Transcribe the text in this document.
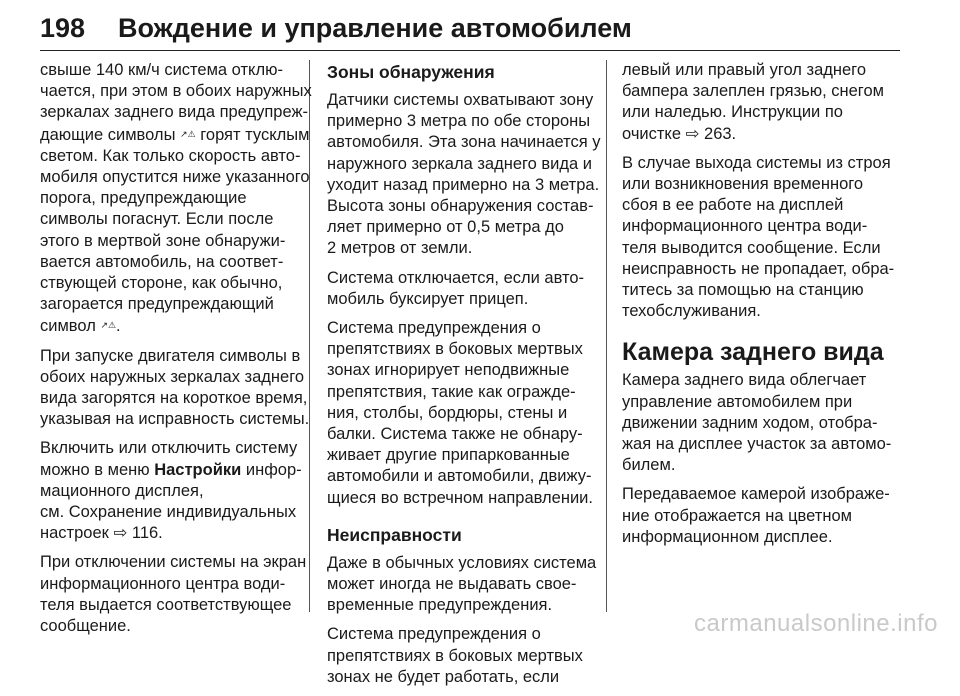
198 Вождение и управление автомобилем
свыше 140 км/ч система отклю-
чается, при этом в обоих наружных
зеркалах заднего вида предупреж-
дающие символы ↗⚠ горят тусклым
светом. Как только скорость авто-
мобиля опустится ниже указанного
порога, предупреждающие
символы погаснут. Если после
этого в мертвой зоне обнаружи-
вается автомобиль, на соответ-
ствующей стороне, как обычно,
загорается предупреждающий
символ ↗⚠.
При запуске двигателя символы в
обоих наружных зеркалах заднего
вида загорятся на короткое время,
указывая на исправность системы.
Включить или отключить систему
можно в меню Настройки инфор-
мационного дисплея,
см. Сохранение индивидуальных
настроек ⇨ 116.
При отключении системы на экран
информационного центра води-
теля выдается соответствующее
сообщение.
Зоны обнаружения
Датчики системы охватывают зону
примерно 3 метра по обе стороны
автомобиля. Эта зона начинается у
наружного зеркала заднего вида и
уходит назад примерно на 3 метра.
Высота зоны обнаружения состав-
ляет примерно от 0,5 метра до
2 метров от земли.
Система отключается, если авто-
мобиль буксирует прицеп.
Система предупреждения о
препятствиях в боковых мертвых
зонах игнорирует неподвижные
препятствия, такие как огражде-
ния, столбы, бордюры, стены и
балки. Система также не обнару-
живает другие припаркованные
автомобили и автомобили, движу-
щиеся во встречном направлении.
Неисправности
Даже в обычных условиях система
может иногда не выдавать свое-
временные предупреждения.
Система предупреждения о
препятствиях в боковых мертвых
зонах не будет работать, если
левый или правый угол заднего
бампера залеплен грязью, снегом
или наледью. Инструкции по
очистке ⇨ 263.
В случае выхода системы из строя
или возникновения временного
сбоя в ее работе на дисплей
информационного центра води-
теля выводится сообщение. Если
неисправность не пропадает, обра-
титесь за помощью на станцию
техобслуживания.
Камера заднего вида
Камера заднего вида облегчает
управление автомобилем при
движении задним ходом, отобра-
жая на дисплее участок за автомо-
билем.
Передаваемое камерой изображе-
ние отображается на цветном
информационном дисплее.
carmanualsonline.info
